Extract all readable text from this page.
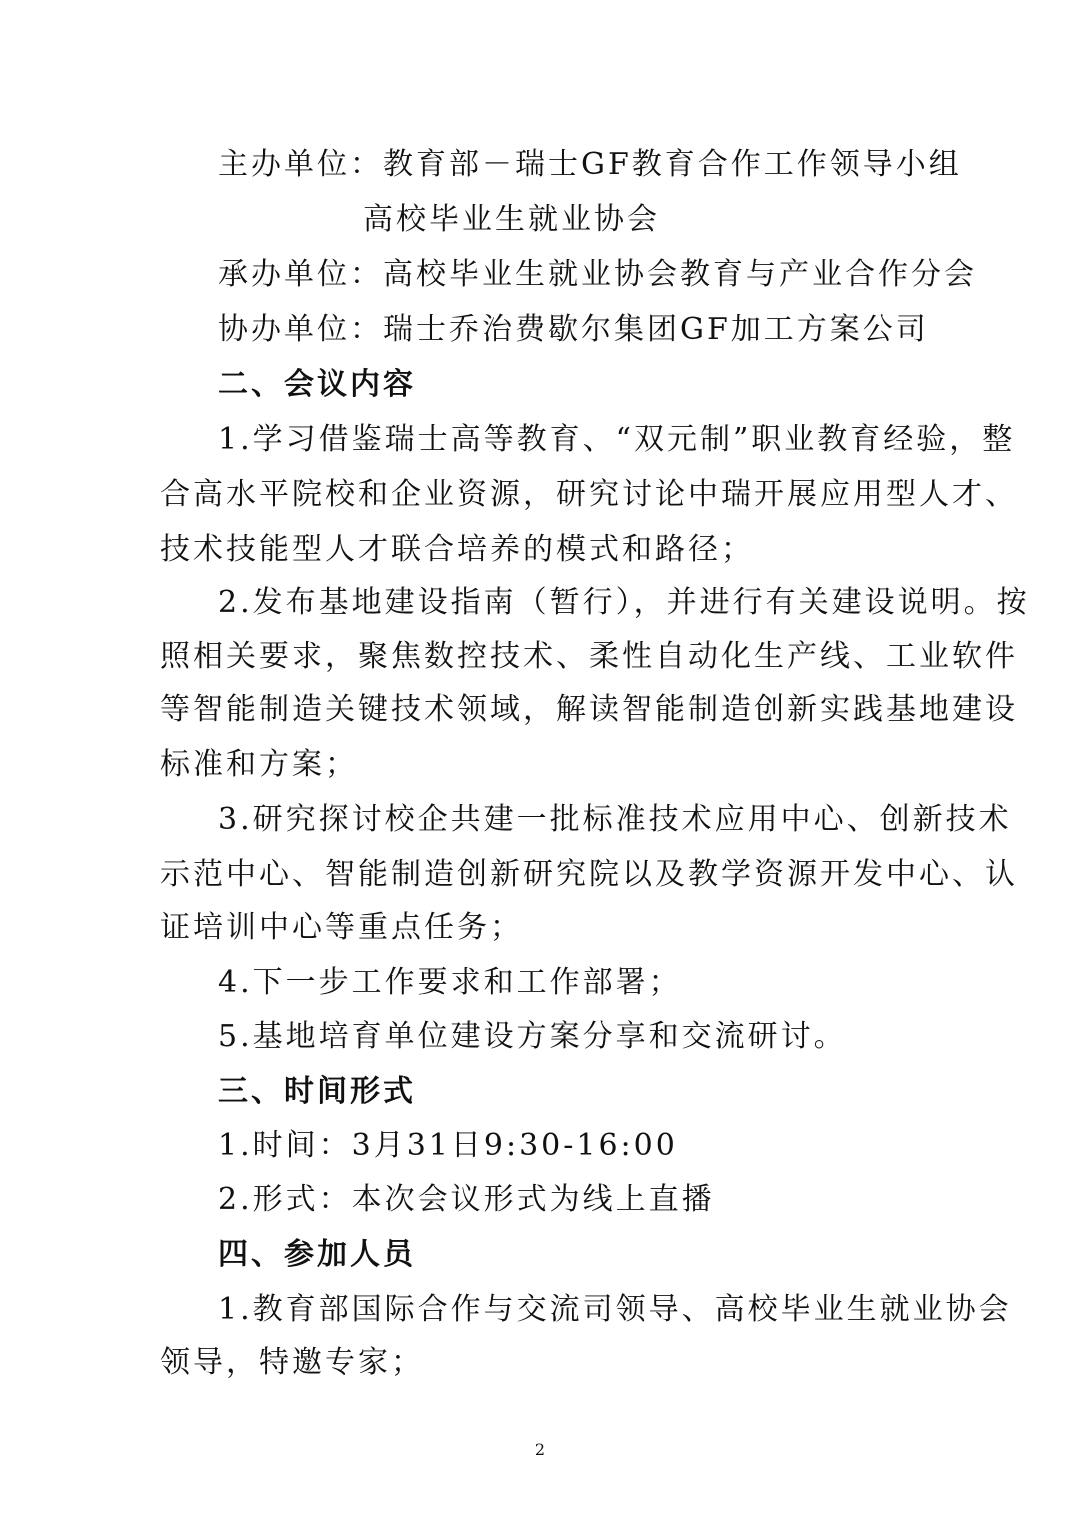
主办单位：教育部－瑞士GF教育合作工作领导小组
高校毕业生就业协会
承办单位：高校毕业生就业协会教育与产业合作分会
协办单位：瑞士乔治费歇尔集团GF加工方案公司
二、会议内容
1.学习借鉴瑞士高等教育、“双元制”职业教育经验，整
合高水平院校和企业资源，研究讨论中瑞开展应用型人才、
技术技能型人才联合培养的模式和路径；
2.发布基地建设指南（暂行），并进行有关建设说明。按
照相关要求，聚焦数控技术、柔性自动化生产线、工业软件
等智能制造关键技术领域，解读智能制造创新实践基地建设
标准和方案；
3.研究探讨校企共建一批标准技术应用中心、创新技术
示范中心、智能制造创新研究院以及教学资源开发中心、认
证培训中心等重点任务；
4.下一步工作要求和工作部署；
5.基地培育单位建设方案分享和交流研讨。
三、时间形式
1.时间：3月31日9:30-16:00
2.形式：本次会议形式为线上直播
四、参加人员
1.教育部国际合作与交流司领导、高校毕业生就业协会
领导，特邀专家；
2
